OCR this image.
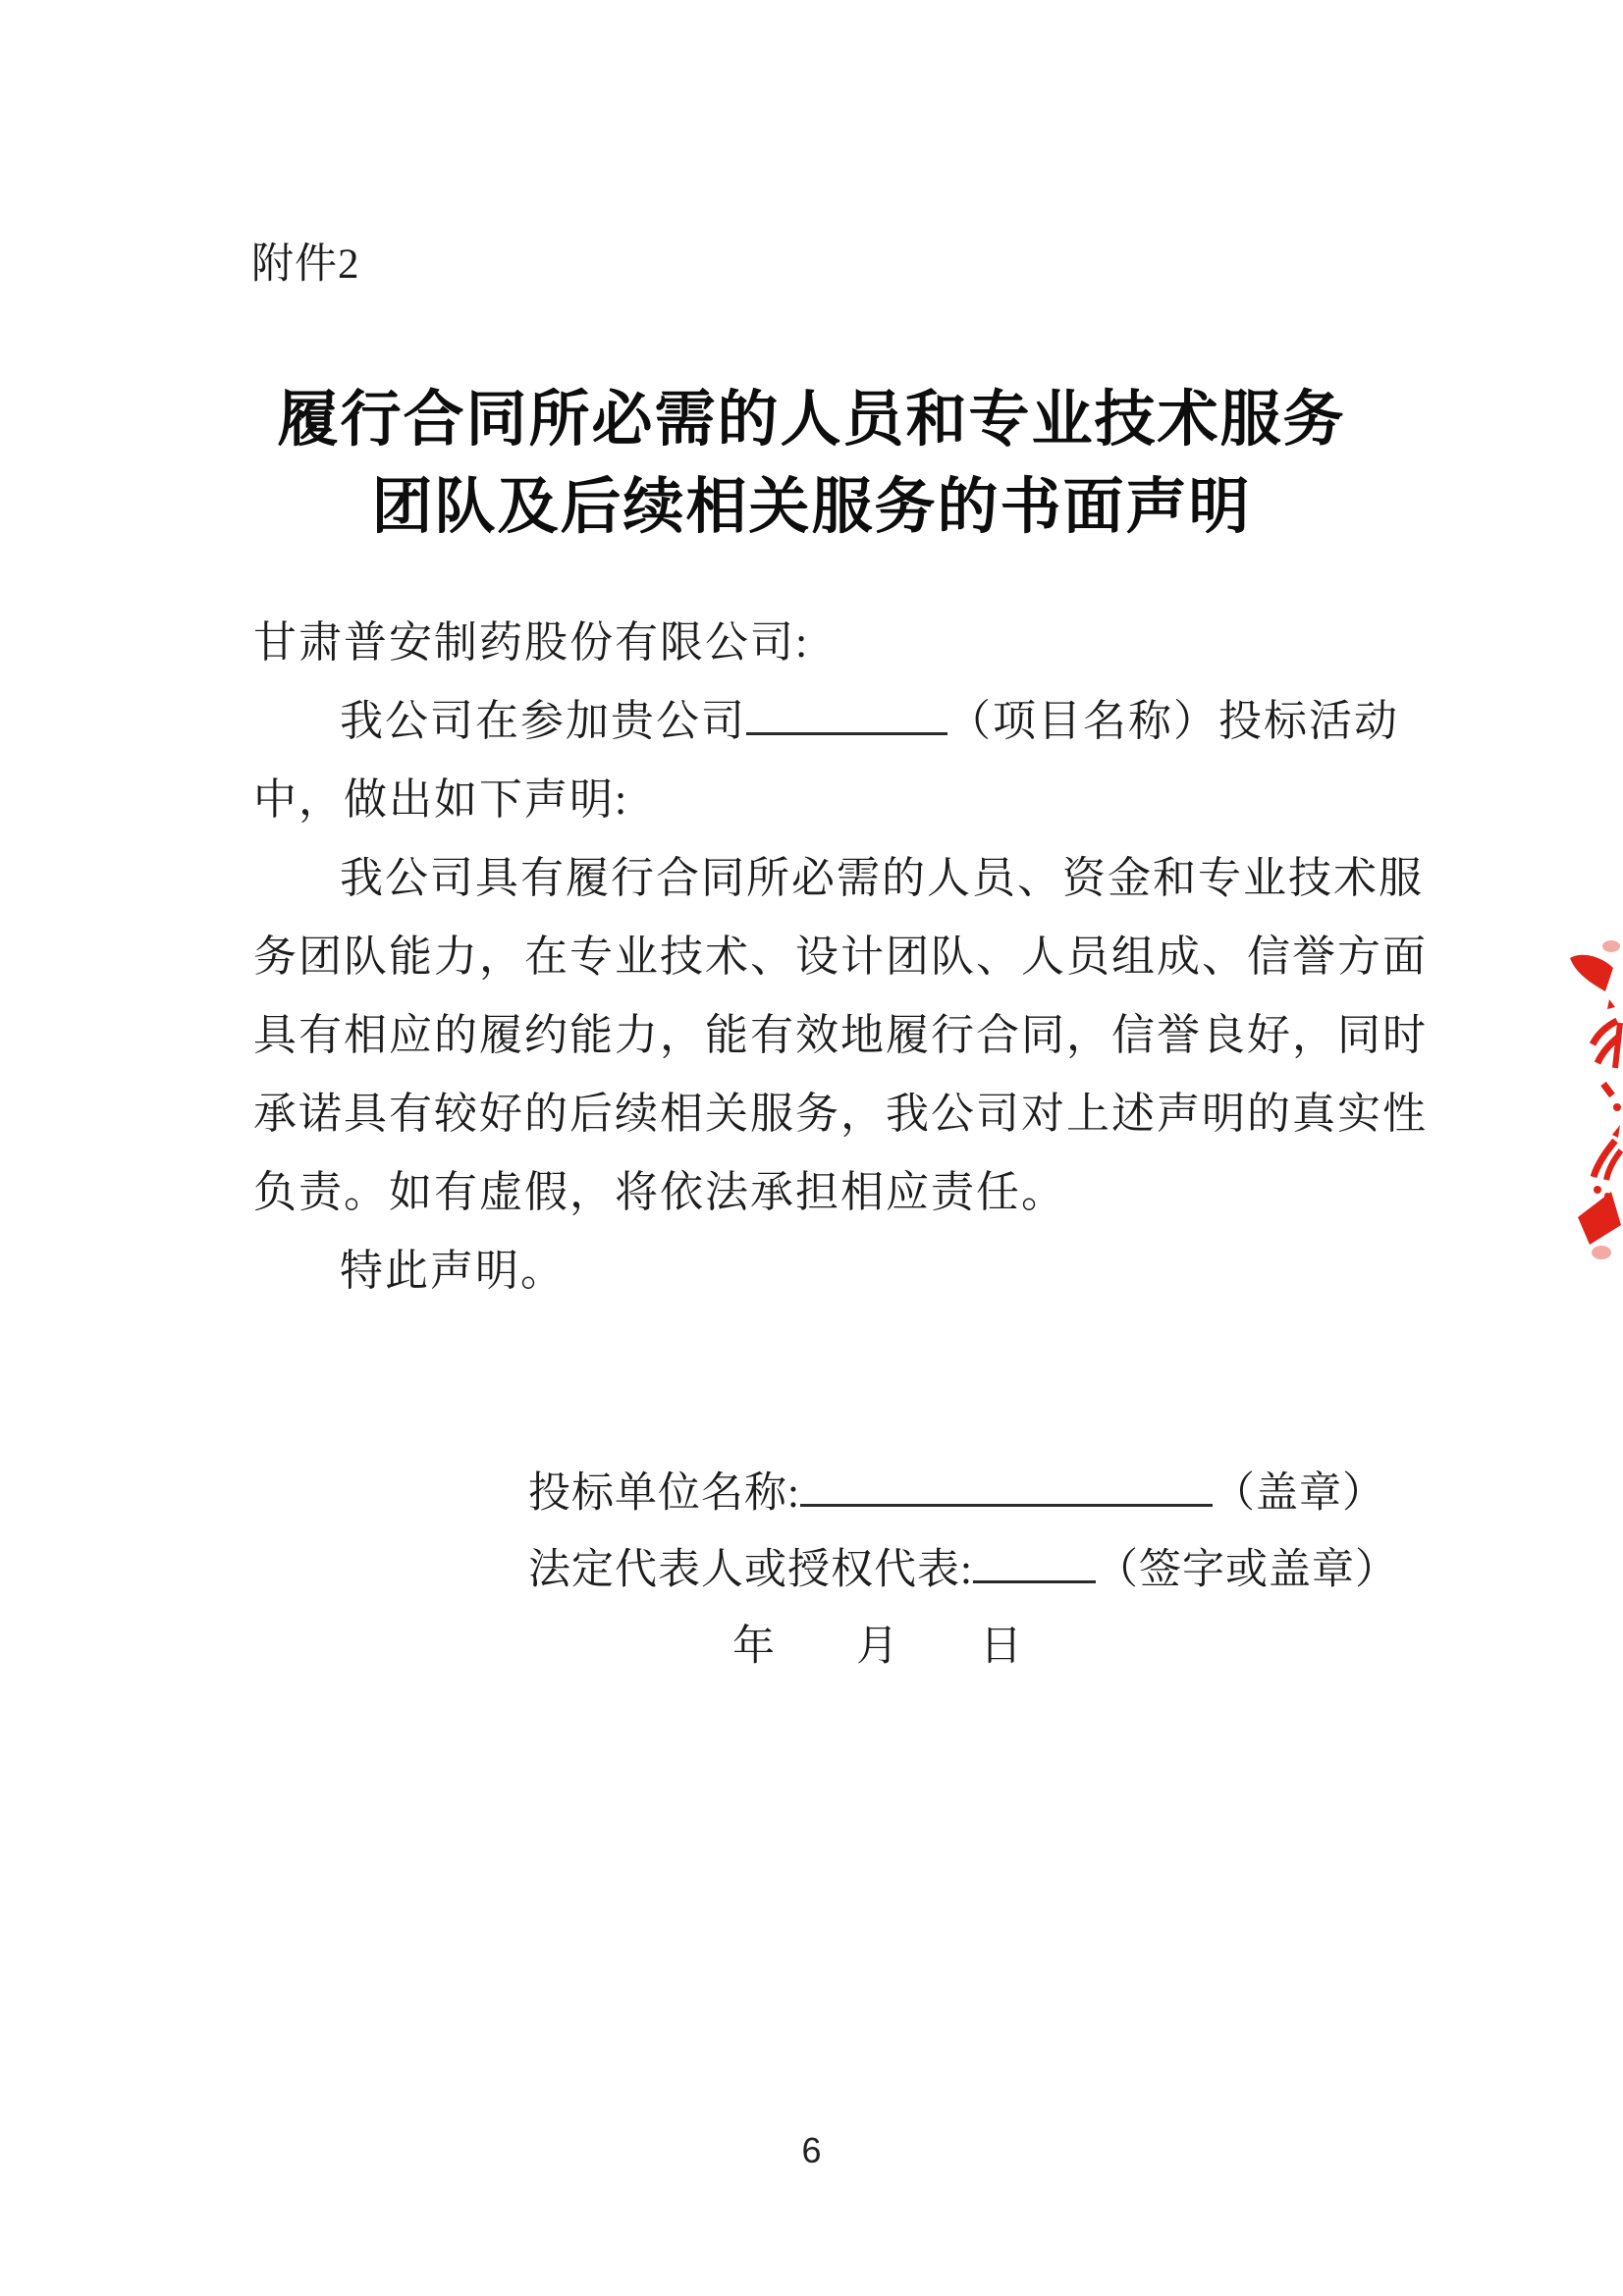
附件2
履行合同所必需的人员和专业技术服务
团队及后续相关服务的书面声明
甘肃普安制药股份有限公司:
我公司在参加贵公司	（项目名称）投标活动
中，做出如下声明:
我公司具有履行合同所必需的人员、资金和专业技术服
务团队能力，在专业技术、设计团队、人员组成、信誉方面
具有相应的履约能力，能有效地履行合同，信誉良好，同时
承诺具有较好的后续相关服务，我公司对上述声明的真实性
负责。如有虚假，将依法承担相应责任。
特此声明。
投标单位名称:	（盖章）
法定代表人或授权代表:	（签字或盖章）
年 月 日
6
